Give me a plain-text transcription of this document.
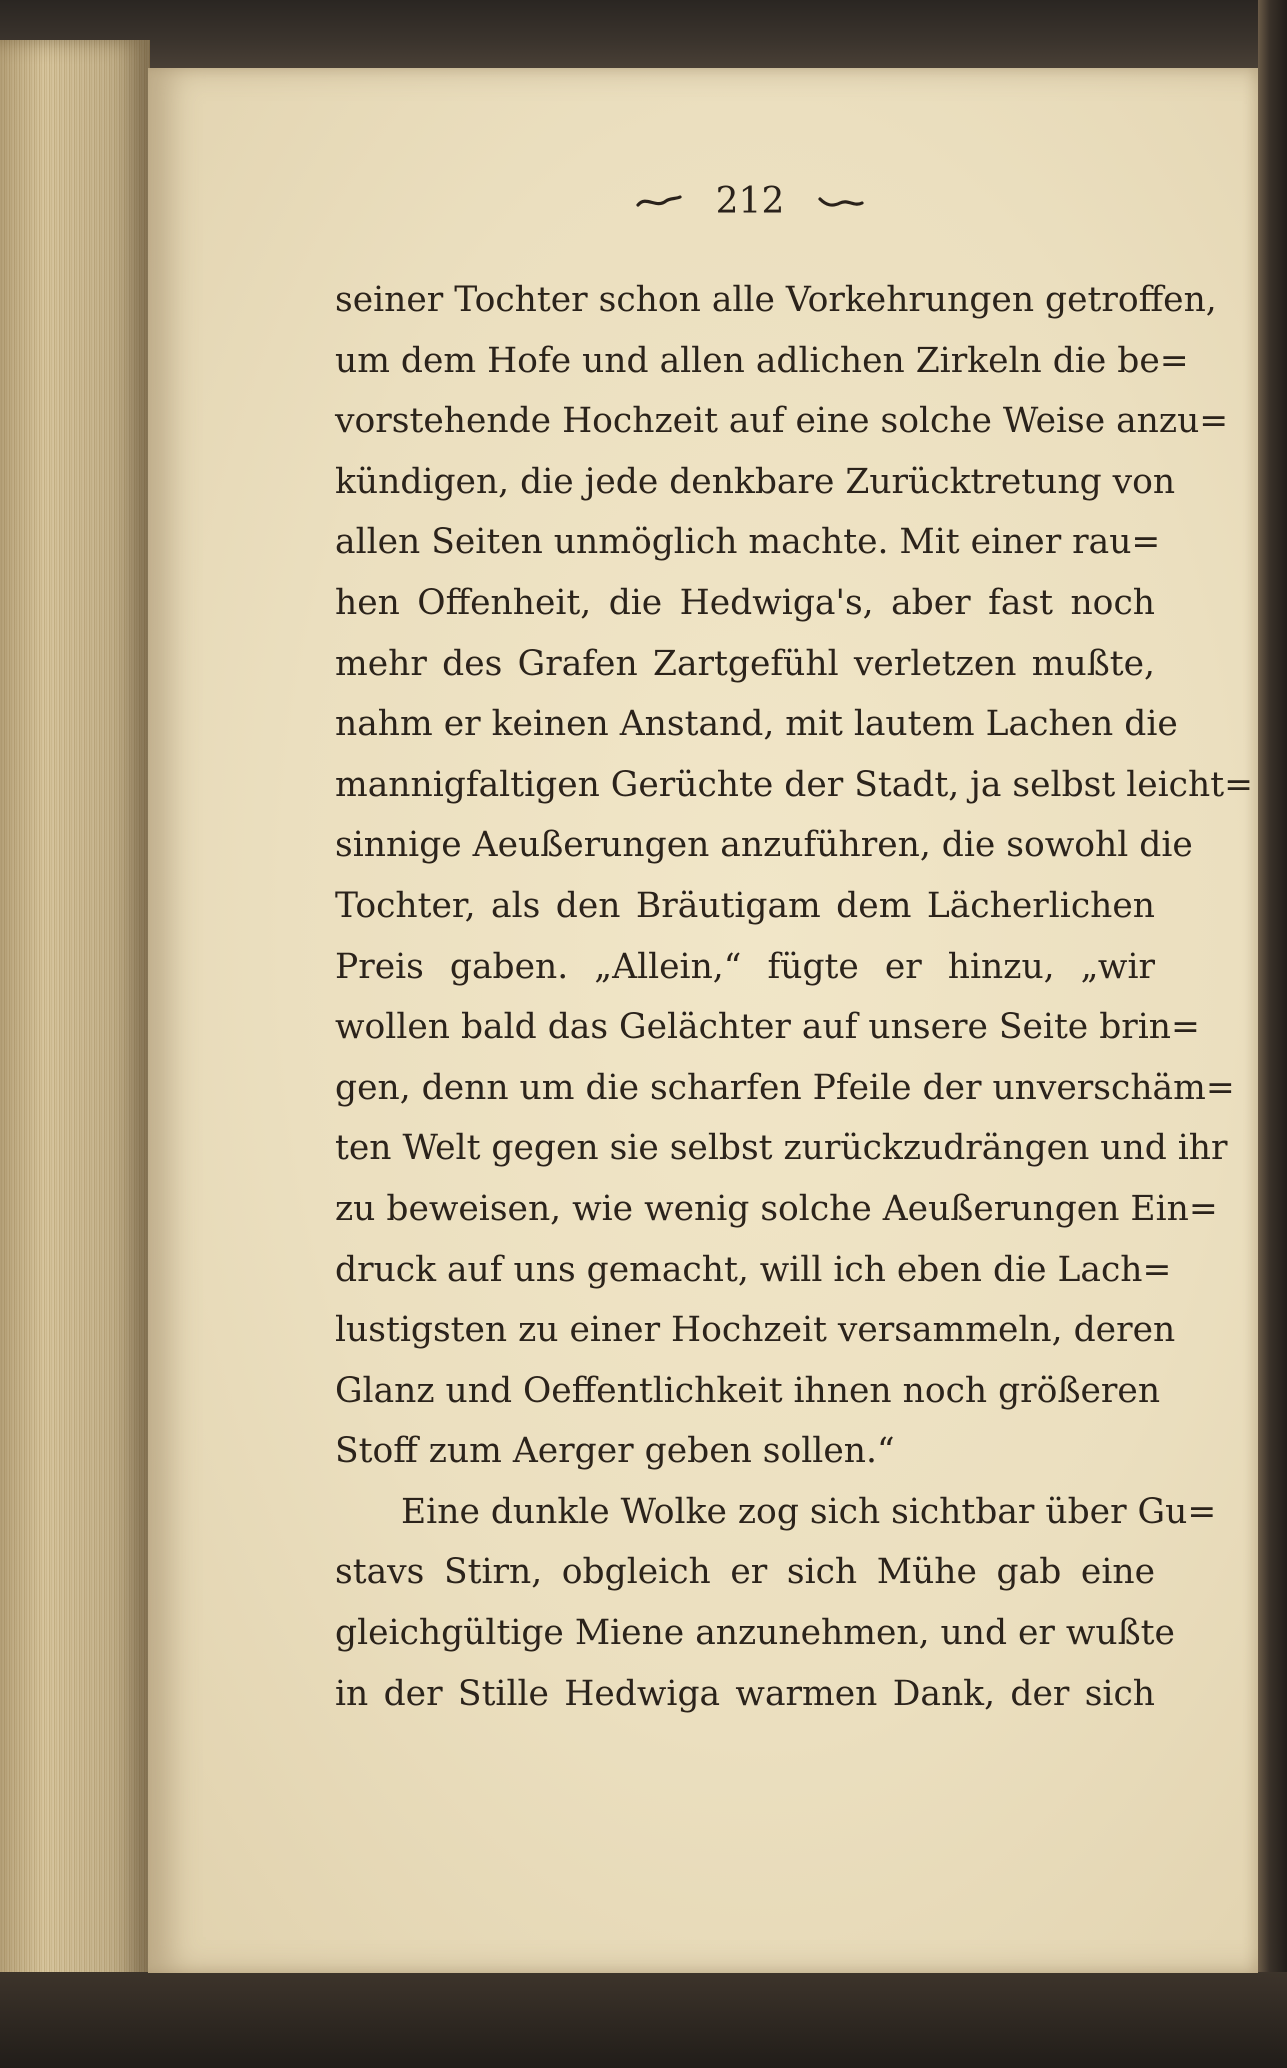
212
seiner Tochter schon alle Vorkehrungen getroffen,
um dem Hofe und allen adlichen Zirkeln die be=
vorstehende Hochzeit auf eine solche Weise anzu=
kündigen, die jede denkbare Zurücktretung von
allen Seiten unmöglich machte. Mit einer rau=
hen Offenheit, die Hedwiga's, aber fast noch
mehr des Grafen Zartgefühl verletzen mußte,
nahm er keinen Anstand, mit lautem Lachen die
mannigfaltigen Gerüchte der Stadt, ja selbst leicht=
sinnige Aeußerungen anzuführen, die sowohl die
Tochter, als den Bräutigam dem Lächerlichen
Preis gaben. „Allein,“ fügte er hinzu, „wir
wollen bald das Gelächter auf unsere Seite brin=
gen, denn um die scharfen Pfeile der unverschäm=
ten Welt gegen sie selbst zurückzudrängen und ihr
zu beweisen, wie wenig solche Aeußerungen Ein=
druck auf uns gemacht, will ich eben die Lach=
lustigsten zu einer Hochzeit versammeln, deren
Glanz und Oeffentlichkeit ihnen noch größeren
Stoff zum Aerger geben sollen.“
Eine dunkle Wolke zog sich sichtbar über Gu=
stavs Stirn, obgleich er sich Mühe gab eine
gleichgültige Miene anzunehmen, und er wußte
in der Stille Hedwiga warmen Dank, der sich
